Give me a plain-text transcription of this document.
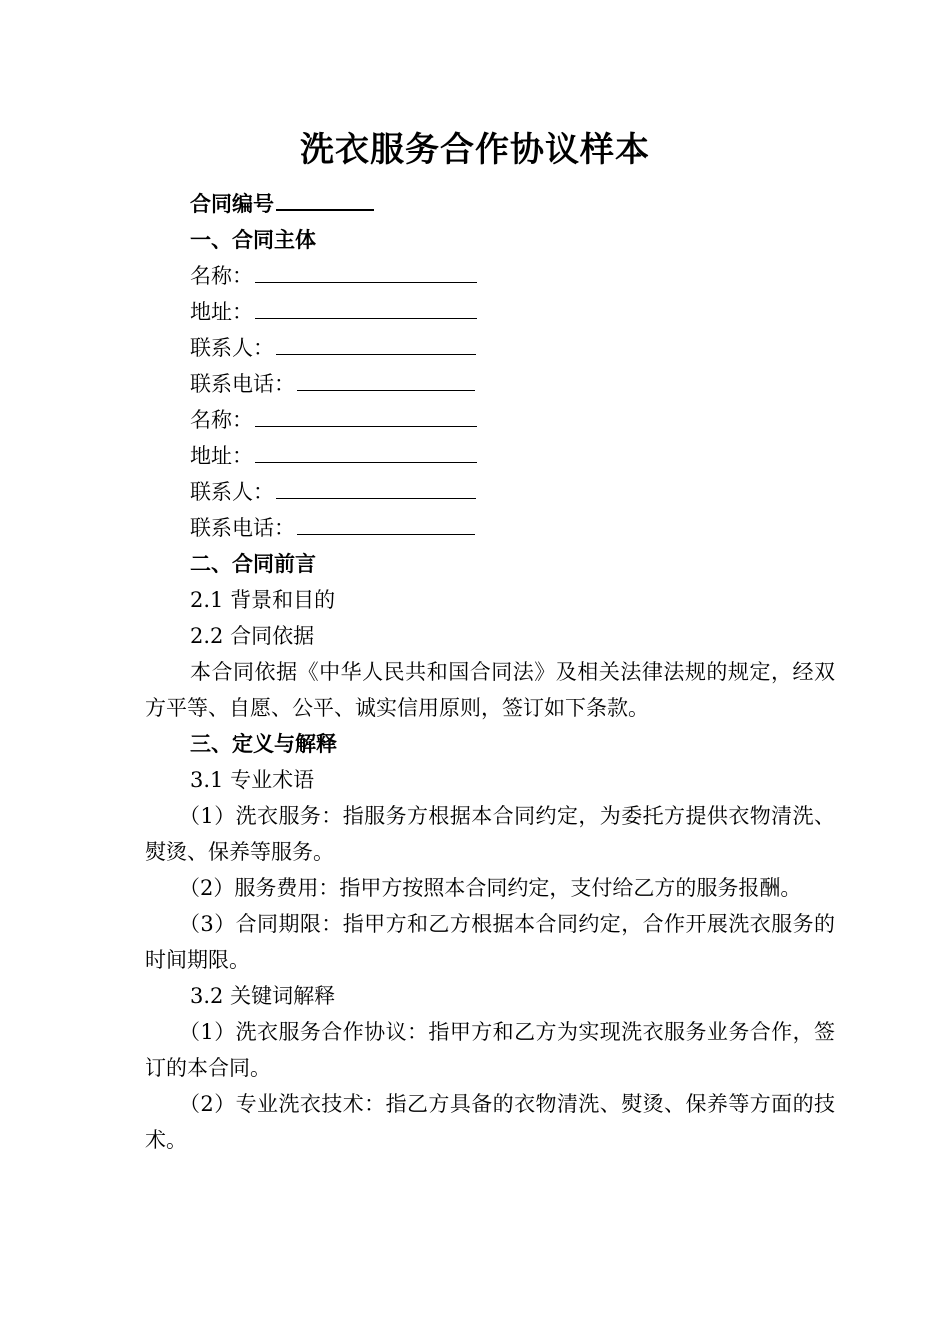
洗衣服务合作协议样本
合同编号
一、合同主体
名称：
地址：
联系人：
联系电话：
名称：
地址：
联系人：
联系电话：
二、合同前言
2.1 背景和目的
2.2 合同依据

本合同依据《中华人民共和国合同法》及相关法律法规的规定，经双方平等、自愿、公平、诚实信用原则，签订如下条款。

三、定义与解释
3.1 专业术语

（1）洗衣服务：指服务方根据本合同约定，为委托方提供衣物清洗、熨烫、保养等服务。

（2）服务费用：指甲方按照本合同约定，支付给乙方的服务报酬。

（3）合同期限：指甲方和乙方根据本合同约定，合作开展洗衣服务的时间期限。

3.2 关键词解释

（1）洗衣服务合作协议：指甲方和乙方为实现洗衣服务业务合作，签订的本合同。

（2）专业洗衣技术：指乙方具备的衣物清洗、熨烫、保养等方面的技术。
